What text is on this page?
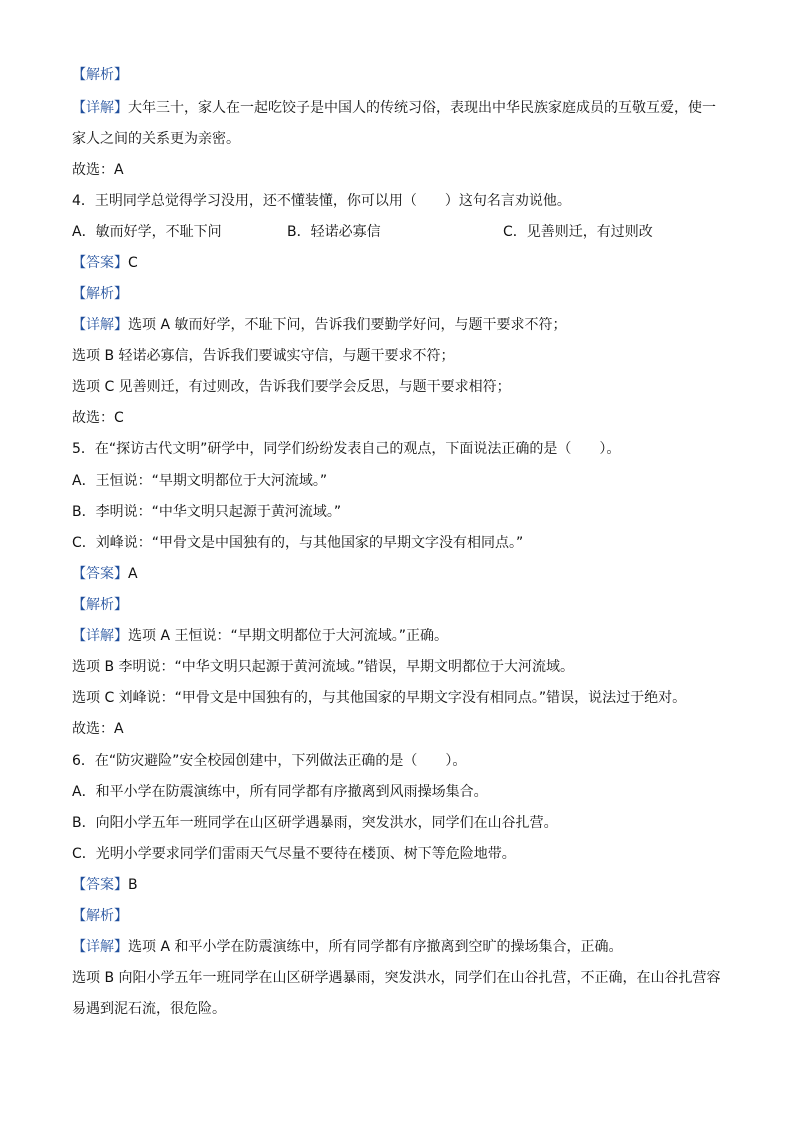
【解析】
【详解】大年三十，家人在一起吃饺子是中国人的传统习俗，表现出中华民族家庭成员的互敬互爱，使一
家人之间的关系更为亲密。
故选：A
4．王明同学总觉得学习没用，还不懂装懂，你可以用（　　）这句名言劝说他。
A．敏而好学，不耻下问	B．轻诺必寡信	C．见善则迁，有过则改
【答案】C
【解析】
【详解】选项 A 敏而好学，不耻下问，告诉我们要勤学好问，与题干要求不符；
选项 B 轻诺必寡信，告诉我们要诚实守信，与题干要求不符；
选项 C 见善则迁，有过则改，告诉我们要学会反思，与题干要求相符；
故选：C
5．在“探访古代文明”研学中，同学们纷纷发表自己的观点，下面说法正确的是（　　）。
A．王恒说：“早期文明都位于大河流域。”
B．李明说：“中华文明只起源于黄河流域。”
C．刘峰说：“甲骨文是中国独有的，与其他国家的早期文字没有相同点。”
【答案】A
【解析】
【详解】选项 A 王恒说：“早期文明都位于大河流域。”正确。
选项 B 李明说：“中华文明只起源于黄河流域。”错误，早期文明都位于大河流域。
选项 C 刘峰说：“甲骨文是中国独有的，与其他国家的早期文字没有相同点。”错误，说法过于绝对。
故选：A
6．在“防灾避险”安全校园创建中，下列做法正确的是（　　）。
A．和平小学在防震演练中，所有同学都有序撤离到风雨操场集合。
B．向阳小学五年一班同学在山区研学遇暴雨，突发洪水，同学们在山谷扎营。
C．光明小学要求同学们雷雨天气尽量不要待在楼顶、树下等危险地带。
【答案】B
【解析】
【详解】选项 A 和平小学在防震演练中，所有同学都有序撤离到空旷的操场集合，正确。
选项 B 向阳小学五年一班同学在山区研学遇暴雨，突发洪水，同学们在山谷扎营，不正确，在山谷扎营容
易遇到泥石流，很危险。
